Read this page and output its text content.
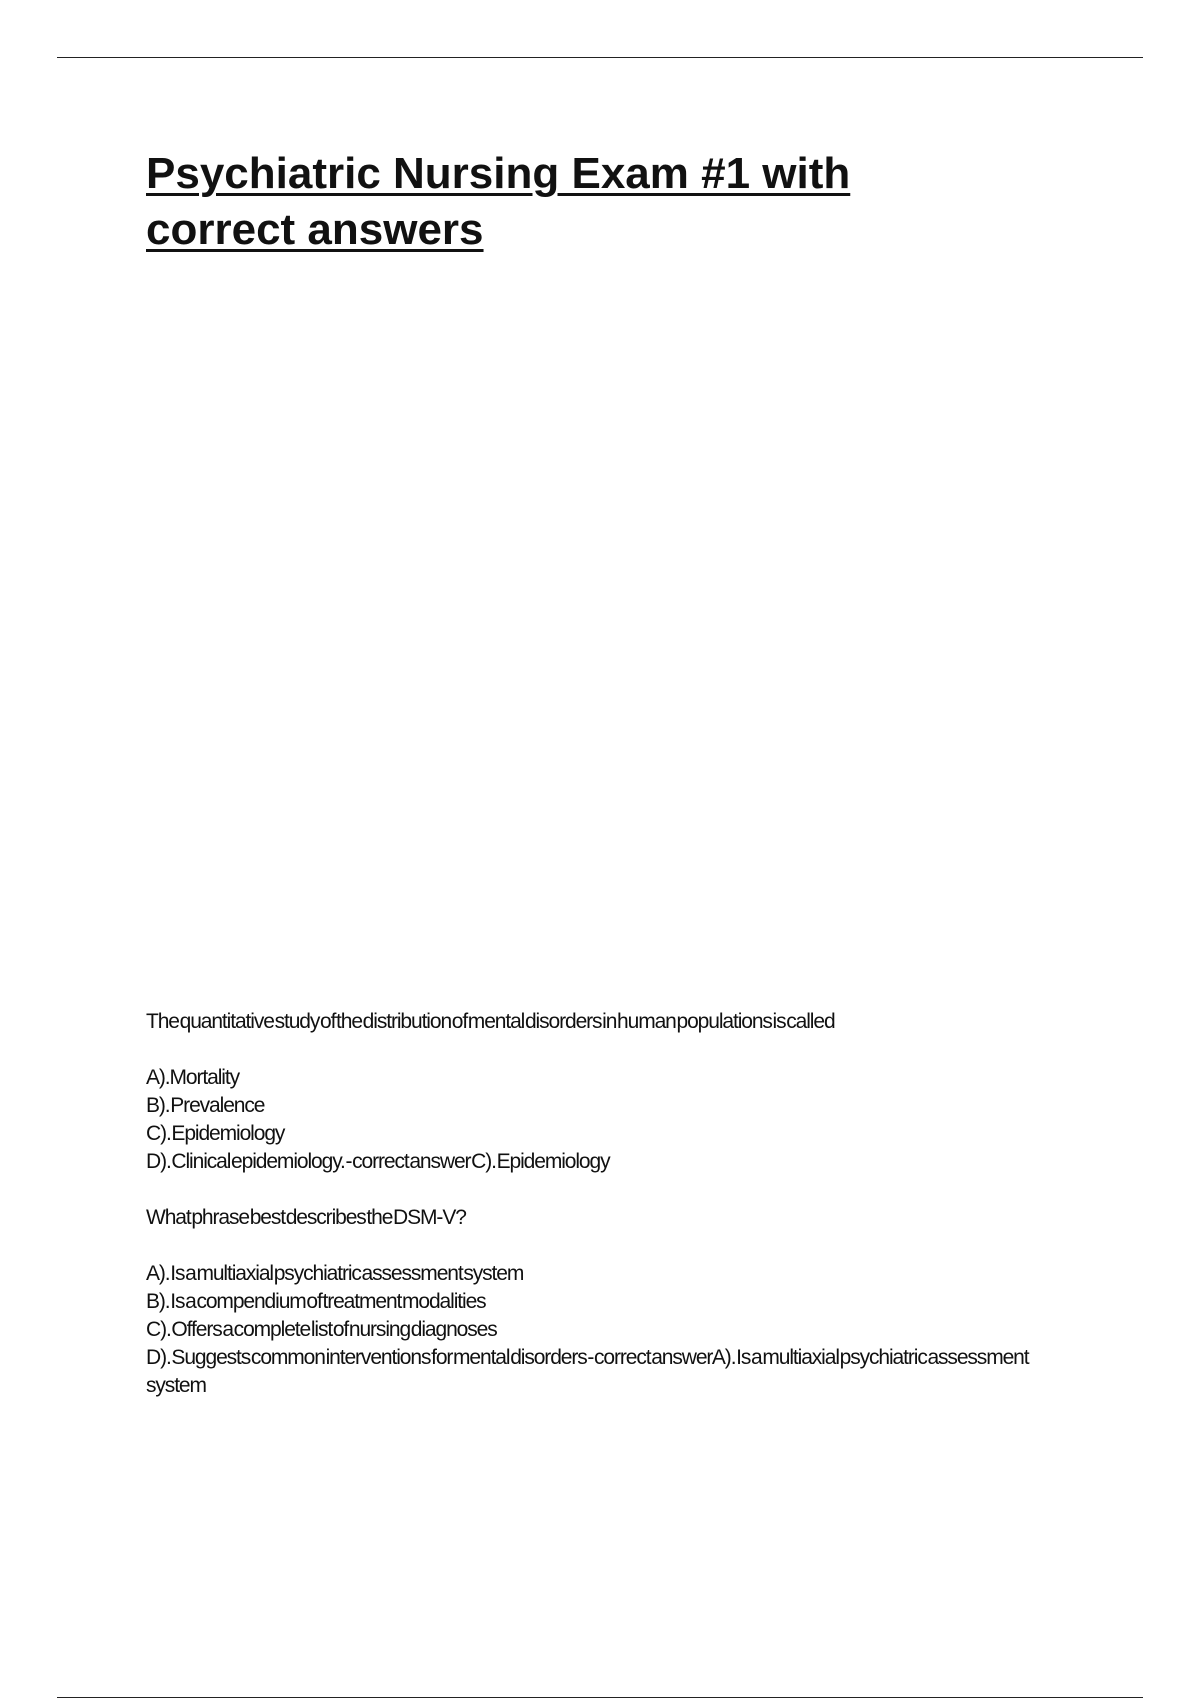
Psychiatric Nursing Exam #1 with
correct answers

The quantitative study of the distribution of mental disorders in human populations is called

A).Mortality
B). Prevalence
C). Epidemiology
D). Clinical epidemiology. - correct answer C). Epidemiology

What phrase best describes the DSM-V?

A). Is a multiaxial psychiatric assessment system
B). Is a compendium of treatment modalities
C). Offers a complete list of nursing diagnoses
D). Suggests common interventions for mental disorders - correct answer A). Is a multiaxial psychiatric assessment system
